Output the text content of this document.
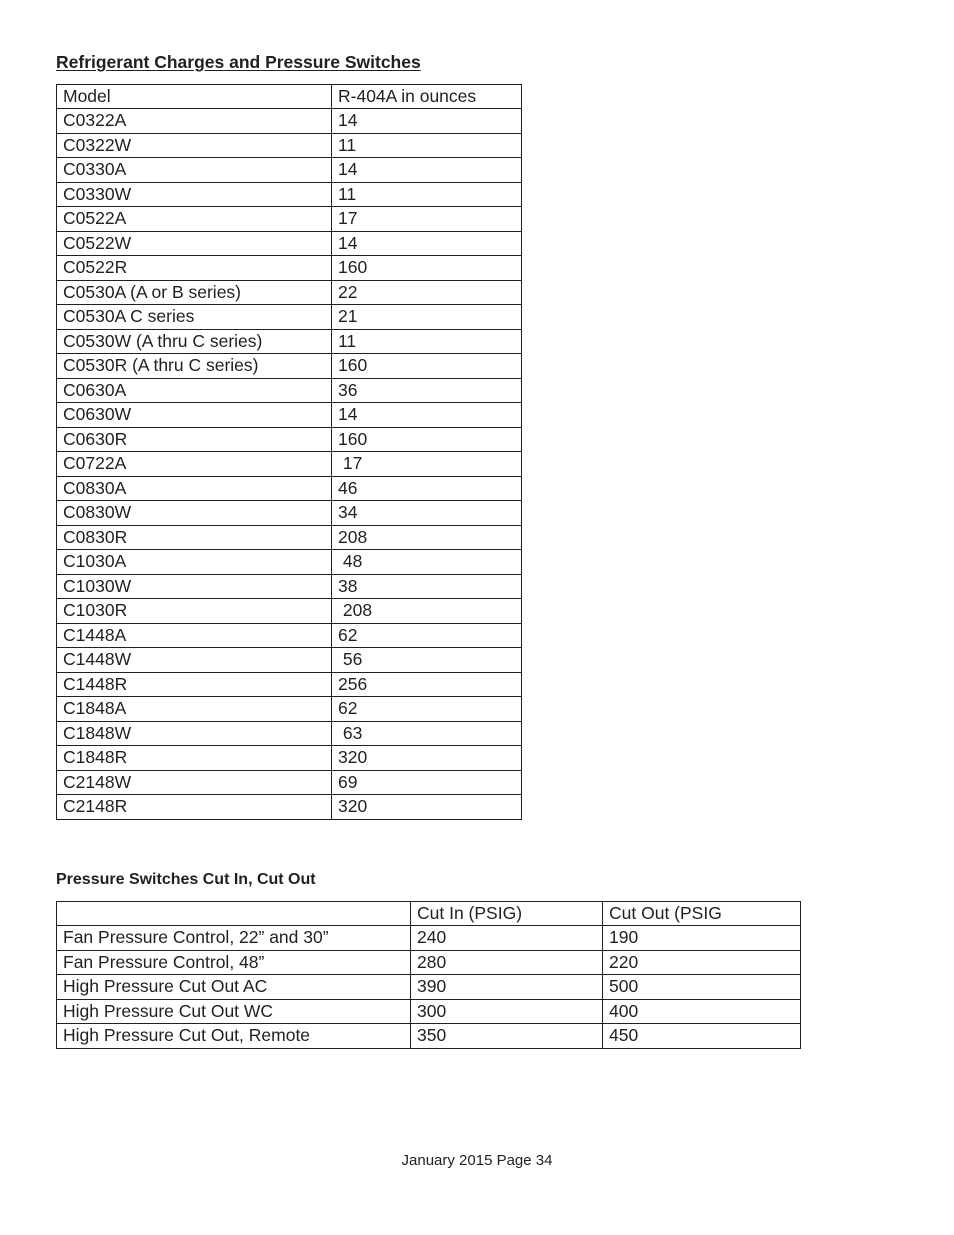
Refrigerant Charges and Pressure Switches
Model	R-404A in ounces
C0322A	14
C0322W	11
C0330A	14
C0330W	11
C0522A	17
C0522W	14
C0522R	160
C0530A (A or B series)	22
C0530A C series	21
C0530W (A thru C series)	11
C0530R (A thru C series)	160
C0630A	36
C0630W	14
C0630R	160
C0722A	17
C0830A	46
C0830W	34
C0830R	208
C1030A	48
C1030W	38
C1030R	208
C1448A	62
C1448W	56
C1448R	256
C1848A	62
C1848W	63
C1848R	320
C2148W	69
C2148R	320
Pressure Switches Cut In, Cut Out
	Cut In (PSIG)	Cut Out (PSIG
Fan Pressure Control, 22” and 30”	240	190
Fan Pressure Control, 48”	280	220
High Pressure Cut Out AC	390	500
High Pressure Cut Out WC	300	400
High Pressure Cut Out, Remote	350	450
January 2015 Page 34
